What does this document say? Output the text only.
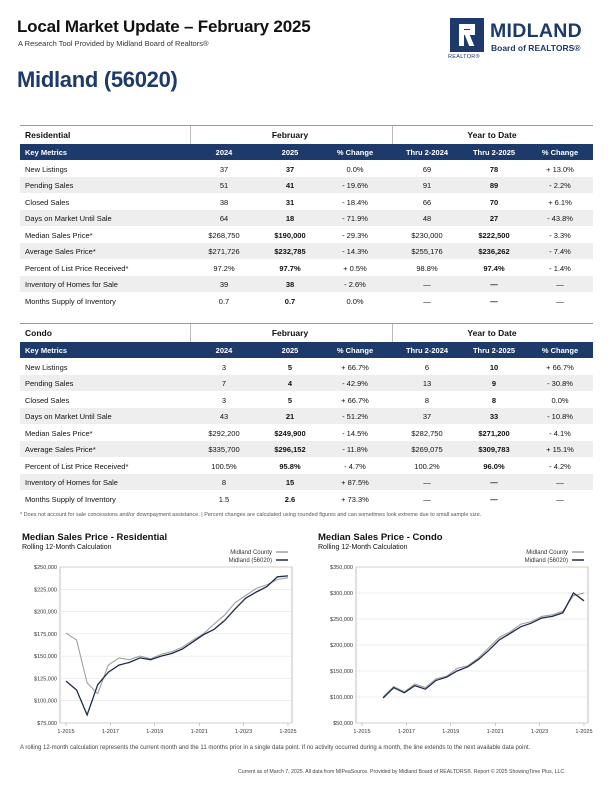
Local Market Update – February 2025
A Research Tool Provided by Midland Board of Realtors®
REALTOR®
MIDLAND
Board of REALTORS®
Midland (56020)
Residential	February	Year to Date
Key Metrics	2024	2025	% Change	Thru 2-2024	Thru 2-2025	% Change
New Listings	37	37	0.0%	69	78	+ 13.0%
Pending Sales	51	41	- 19.6%	91	89	- 2.2%
Closed Sales	38	31	- 18.4%	66	70	+ 6.1%
Days on Market Until Sale	64	18	- 71.9%	48	27	- 43.8%
Median Sales Price*	$268,750	$190,000	- 29.3%	$230,000	$222,500	- 3.3%
Average Sales Price*	$271,726	$232,785	- 14.3%	$255,176	$236,262	- 7.4%
Percent of List Price Received*	97.2%	97.7%	+ 0.5%	98.8%	97.4%	- 1.4%
Inventory of Homes for Sale	39	38	- 2.6%	—	—	—
Months Supply of Inventory	0.7	0.7	0.0%	—	—	—
Condo	February	Year to Date
Key Metrics	2024	2025	% Change	Thru 2-2024	Thru 2-2025	% Change
New Listings	3	5	+ 66.7%	6	10	+ 66.7%
Pending Sales	7	4	- 42.9%	13	9	- 30.8%
Closed Sales	3	5	+ 66.7%	8	8	0.0%
Days on Market Until Sale	43	21	- 51.2%	37	33	- 10.8%
Median Sales Price*	$292,200	$249,900	- 14.5%	$282,750	$271,200	- 4.1%
Average Sales Price*	$335,700	$296,152	- 11.8%	$269,075	$309,783	+ 15.1%
Percent of List Price Received*	100.5%	95.8%	- 4.7%	100.2%	96.0%	- 4.2%
Inventory of Homes for Sale	8	15	+ 87.5%	—	—	—
Months Supply of Inventory	1.5	2.6	+ 73.3%	—	—	—
* Does not account for sale concessions and/or downpayment assistance. | Percent changes are calculated using rounded figures and can sometimes look extreme due to small sample size.
Median Sales Price - Residential
Rolling 12-Month Calculation
$75,000
$100,000
$125,000
$150,000
$175,000
$200,000
$225,000
$250,000
1-2015	1-2017	1-2019	1-2021	1-2023	1-2025
Midland County
Midland (56020)
Median Sales Price - Condo
Rolling 12-Month Calculation
$50,000
$100,000
$150,000
$200,000
$250,000
$300,000
$350,000
1-2015	1-2017	1-2019	1-2021	1-2023	1-2025
Midland County
Midland (56020)
A rolling 12-month calculation represents the current month and the 11 months prior in a single data point. If no activity occurred during a month, the line extends to the next available data point.
Current as of March 7, 2025. All data from MIPeaSource. Provided by Midland Board of REALTORS®. Report © 2025 ShowingTime Plus, LLC.
